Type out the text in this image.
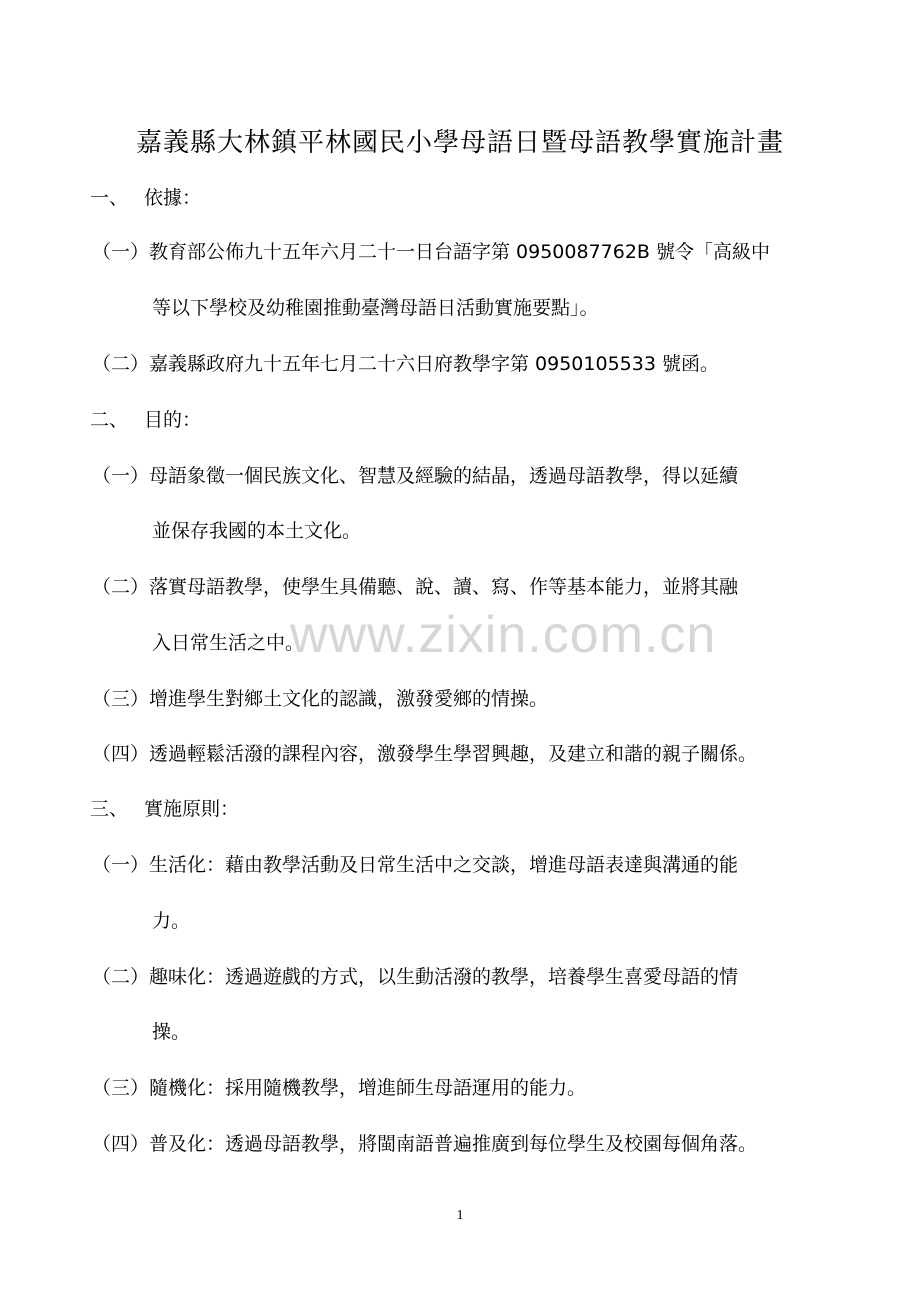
嘉義縣大林鎮平林國民小學母語日暨母語教學實施計畫
一、 依據：
（一）教育部公佈九十五年六月二十一日台語字第 0950087762B 號令「高級中
等以下學校及幼稚園推動臺灣母語日活動實施要點」。
（二）嘉義縣政府九十五年七月二十六日府教學字第 0950105533 號函。
二、 目的：
（一）母語象徵一個民族文化、智慧及經驗的結晶，透過母語教學，得以延續
並保存我國的本土文化。
（二）落實母語教學，使學生具備聽、說、讀、寫、作等基本能力，並將其融
入日常生活之中。
（三）增進學生對鄉土文化的認識，激發愛鄉的情操。
（四）透過輕鬆活潑的課程內容，激發學生學習興趣，及建立和諧的親子關係。
三、 實施原則：
（一）生活化：藉由教學活動及日常生活中之交談，增進母語表達與溝通的能
力。
（二）趣味化：透過遊戲的方式，以生動活潑的教學，培養學生喜愛母語的情
操。
（三）隨機化：採用隨機教學，增進師生母語運用的能力。
（四）普及化：透過母語教學，將閩南語普遍推廣到每位學生及校園每個角落。
www.zixin.com.cn
1
